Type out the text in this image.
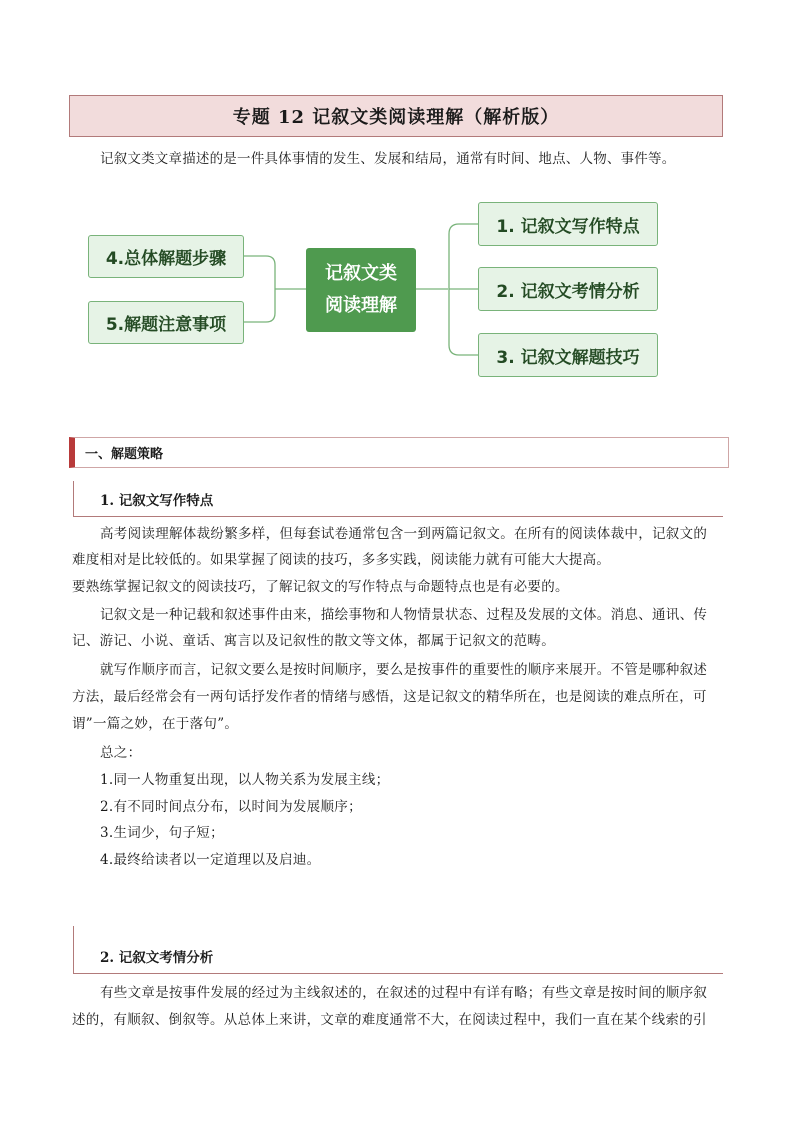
专题 12 记叙文类阅读理解（解析版）
记叙文类文章描述的是一件具体事情的发生、发展和结局，通常有时间、地点、人物、事件等。
4.总体解题步骤
5.解题注意事项
记叙文类
阅读理解
1. 记叙文写作特点
2. 记叙文考情分析
3. 记叙文解题技巧
一、解题策略
1. 记叙文写作特点
高考阅读理解体裁纷繁多样，但每套试卷通常包含一到两篇记叙文。在所有的阅读体裁中，记叙文的
难度相对是比较低的。如果掌握了阅读的技巧，多多实践，阅读能力就有可能大大提高。
要熟练掌握记叙文的阅读技巧，了解记叙文的写作特点与命题特点也是有必要的。
记叙文是一种记载和叙述事件由来，描绘事物和人物情景状态、过程及发展的文体。消息、通讯、传
记、游记、小说、童话、寓言以及记叙性的散文等文体，都属于记叙文的范畴。
就写作顺序而言，记叙文要么是按时间顺序，要么是按事件的重要性的顺序来展开。不管是哪种叙述
方法，最后经常会有一两句话抒发作者的情绪与感悟，这是记叙文的精华所在，也是阅读的难点所在，可
谓”一篇之妙，在于落句”。
总之：
1.同一人物重复出现，以人物关系为发展主线；
2.有不同时间点分布，以时间为发展顺序；
3.生词少，句子短；
4.最终给读者以一定道理以及启迪。
2. 记叙文考情分析
有些文章是按事件发展的经过为主线叙述的，在叙述的过程中有详有略；有些文章是按时间的顺序叙
述的，有顺叙、倒叙等。从总体上来讲，文章的难度通常不大，在阅读过程中，我们一直在某个线索的引
